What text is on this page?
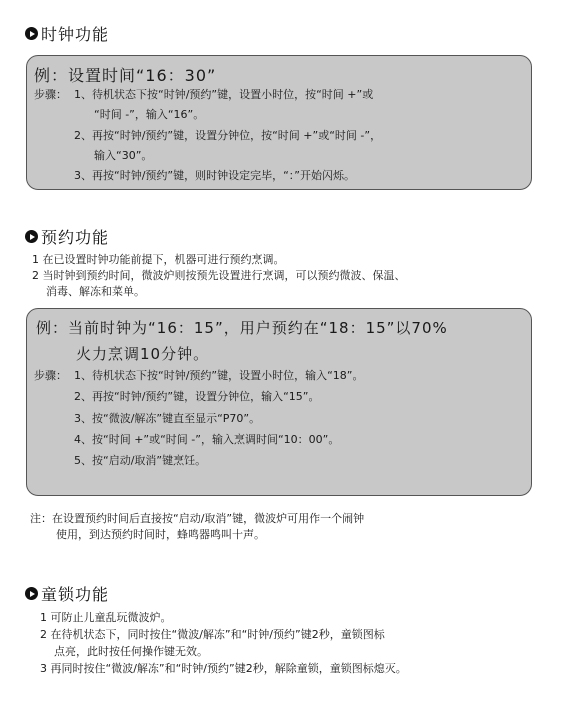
时钟功能
例：设置时间“16：30”
步骤： 1、待机状态下按“时钟/预约”键，设置小时位，按“时间 +”或
“时间 -”，输入“16”。
2、再按“时钟/预约”键，设置分钟位，按“时间 +”或“时间 -”，
输入“30”。
3、再按“时钟/预约”键，则时钟设定完毕，“：”开始闪烁。
预约功能
1 在已设置时钟功能前提下，机器可进行预约烹调。
2 当时钟到预约时间，微波炉则按预先设置进行烹调，可以预约微波、保温、
消毒、解冻和菜单。
例：当前时钟为“16：15”，用户预约在“18：15”以70%
火力烹调10分钟。
步骤： 1、待机状态下按“时钟/预约”键，设置小时位，输入“18”。
2、再按“时钟/预约”键，设置分钟位，输入“15”。
3、按“微波/解冻”键直至显示“P70”。
4、按“时间 +”或“时间 -”，输入烹调时间“10：00”。
5、按“启动/取消”键烹饪。
注：在设置预约时间后直接按“启动/取消”键，微波炉可用作一个闹钟
使用，到达预约时间时，蜂鸣器鸣叫十声。
童锁功能
1 可防止儿童乱玩微波炉。
2 在待机状态下，同时按住“微波/解冻”和“时钟/预约”键2秒，童锁图标
点亮，此时按任何操作键无效。
3 再同时按住“微波/解冻”和“时钟/预约”键2秒，解除童锁，童锁图标熄灭。
